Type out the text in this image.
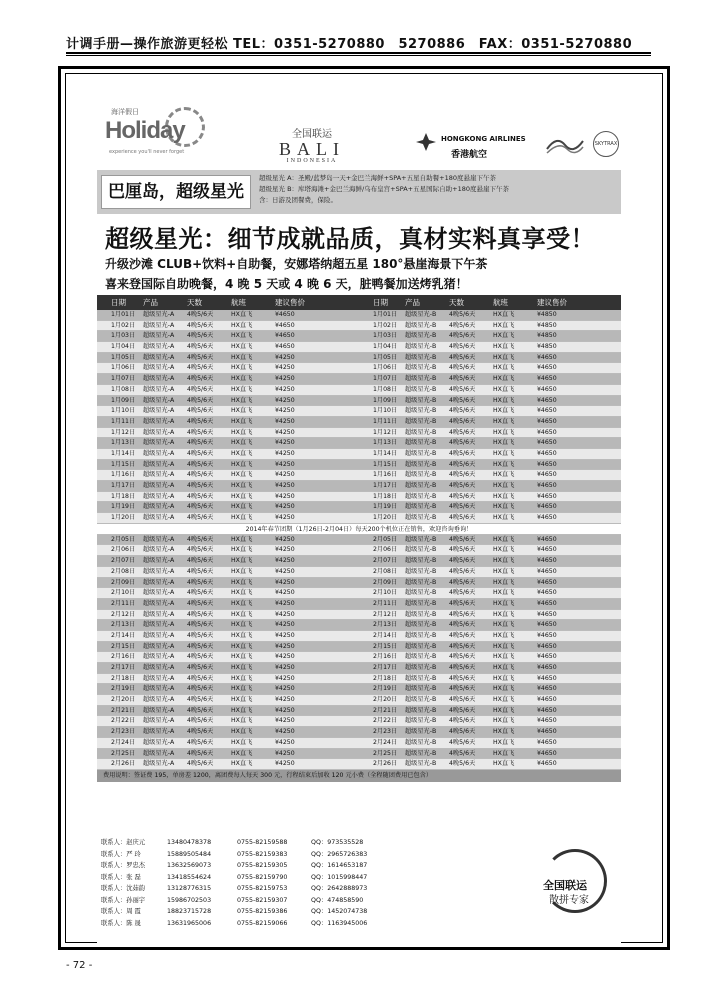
计调手册—操作旅游更轻松 TEL：0351-5270880　5270886　FAX：0351-5270880
海洋假日
Holiday
experience you'll never forget
全国联运
BALI
INDONESIA
HONGKONG AIRLINES
香港航空
SKYTRAX
巴厘岛，超级星光
超级星光 A：圣殿/蓝梦岛一天+金巴兰海鲜+SPA+五星自助餐+180度悬崖下午茶
超级星光 B：库塔海滩+金巴兰海鲜/乌布皇宫+SPA+五星国际自助+180度悬崖下午茶
含：日游及团餐费，保险。
超级星光：细节成就品质，真材实料真享受！
升级沙滩 CLUB+饮料+自助餐，安娜塔纳超五星 180°悬崖海景下午茶
喜来登国际自助晚餐，4 晚 5 天或 4 晚 6 天，脏鸭餐加送烤乳猪！
日期	产品	天数	航班	建议售价	日期	产品	天数	航班	建议售价
1月01日	超级星光-A	4晚5/6天	HX直飞	¥4650	1月01日	超级星光-B	4晚5/6天	HX直飞	¥4850
1月02日	超级星光-A	4晚5/6天	HX直飞	¥4650	1月02日	超级星光-B	4晚5/6天	HX直飞	¥4850
1月03日	超级星光-A	4晚5/6天	HX直飞	¥4650	1月03日	超级星光-B	4晚5/6天	HX直飞	¥4850
1月04日	超级星光-A	4晚5/6天	HX直飞	¥4650	1月04日	超级星光-B	4晚5/6天	HX直飞	¥4850
1月05日	超级星光-A	4晚5/6天	HX直飞	¥4250	1月05日	超级星光-B	4晚5/6天	HX直飞	¥4650
1月06日	超级星光-A	4晚5/6天	HX直飞	¥4250	1月06日	超级星光-B	4晚5/6天	HX直飞	¥4650
1月07日	超级星光-A	4晚5/6天	HX直飞	¥4250	1月07日	超级星光-B	4晚5/6天	HX直飞	¥4650
1月08日	超级星光-A	4晚5/6天	HX直飞	¥4250	1月08日	超级星光-B	4晚5/6天	HX直飞	¥4650
1月09日	超级星光-A	4晚5/6天	HX直飞	¥4250	1月09日	超级星光-B	4晚5/6天	HX直飞	¥4650
1月10日	超级星光-A	4晚5/6天	HX直飞	¥4250	1月10日	超级星光-B	4晚5/6天	HX直飞	¥4650
1月11日	超级星光-A	4晚5/6天	HX直飞	¥4250	1月11日	超级星光-B	4晚5/6天	HX直飞	¥4650
1月12日	超级星光-A	4晚5/6天	HX直飞	¥4250	1月12日	超级星光-B	4晚5/6天	HX直飞	¥4650
1月13日	超级星光-A	4晚5/6天	HX直飞	¥4250	1月13日	超级星光-B	4晚5/6天	HX直飞	¥4650
1月14日	超级星光-A	4晚5/6天	HX直飞	¥4250	1月14日	超级星光-B	4晚5/6天	HX直飞	¥4650
1月15日	超级星光-A	4晚5/6天	HX直飞	¥4250	1月15日	超级星光-B	4晚5/6天	HX直飞	¥4650
1月16日	超级星光-A	4晚5/6天	HX直飞	¥4250	1月16日	超级星光-B	4晚5/6天	HX直飞	¥4650
1月17日	超级星光-A	4晚5/6天	HX直飞	¥4250	1月17日	超级星光-B	4晚5/6天	HX直飞	¥4650
1月18日	超级星光-A	4晚5/6天	HX直飞	¥4250	1月18日	超级星光-B	4晚5/6天	HX直飞	¥4650
1月19日	超级星光-A	4晚5/6天	HX直飞	¥4250	1月19日	超级星光-B	4晚5/6天	HX直飞	¥4650
1月20日	超级星光-A	4晚5/6天	HX直飞	¥4250	1月20日	超级星光-B	4晚5/6天	HX直飞	¥4650
2014年春节团期（1月26日-2月04日）每天200个机位正在销售，欢迎咨询垂询！
2月05日	超级星光-A	4晚5/6天	HX直飞	¥4250	2月05日	超级星光-B	4晚5/6天	HX直飞	¥4650
2月06日	超级星光-A	4晚5/6天	HX直飞	¥4250	2月06日	超级星光-B	4晚5/6天	HX直飞	¥4650
2月07日	超级星光-A	4晚5/6天	HX直飞	¥4250	2月07日	超级星光-B	4晚5/6天	HX直飞	¥4650
2月08日	超级星光-A	4晚5/6天	HX直飞	¥4250	2月08日	超级星光-B	4晚5/6天	HX直飞	¥4650
2月09日	超级星光-A	4晚5/6天	HX直飞	¥4250	2月09日	超级星光-B	4晚5/6天	HX直飞	¥4650
2月10日	超级星光-A	4晚5/6天	HX直飞	¥4250	2月10日	超级星光-B	4晚5/6天	HX直飞	¥4650
2月11日	超级星光-A	4晚5/6天	HX直飞	¥4250	2月11日	超级星光-B	4晚5/6天	HX直飞	¥4650
2月12日	超级星光-A	4晚5/6天	HX直飞	¥4250	2月12日	超级星光-B	4晚5/6天	HX直飞	¥4650
2月13日	超级星光-A	4晚5/6天	HX直飞	¥4250	2月13日	超级星光-B	4晚5/6天	HX直飞	¥4650
2月14日	超级星光-A	4晚5/6天	HX直飞	¥4250	2月14日	超级星光-B	4晚5/6天	HX直飞	¥4650
2月15日	超级星光-A	4晚5/6天	HX直飞	¥4250	2月15日	超级星光-B	4晚5/6天	HX直飞	¥4650
2月16日	超级星光-A	4晚5/6天	HX直飞	¥4250	2月16日	超级星光-B	4晚5/6天	HX直飞	¥4650
2月17日	超级星光-A	4晚5/6天	HX直飞	¥4250	2月17日	超级星光-B	4晚5/6天	HX直飞	¥4650
2月18日	超级星光-A	4晚5/6天	HX直飞	¥4250	2月18日	超级星光-B	4晚5/6天	HX直飞	¥4650
2月19日	超级星光-A	4晚5/6天	HX直飞	¥4250	2月19日	超级星光-B	4晚5/6天	HX直飞	¥4650
2月20日	超级星光-A	4晚5/6天	HX直飞	¥4250	2月20日	超级星光-B	4晚5/6天	HX直飞	¥4650
2月21日	超级星光-A	4晚5/6天	HX直飞	¥4250	2月21日	超级星光-B	4晚5/6天	HX直飞	¥4650
2月22日	超级星光-A	4晚5/6天	HX直飞	¥4250	2月22日	超级星光-B	4晚5/6天	HX直飞	¥4650
2月23日	超级星光-A	4晚5/6天	HX直飞	¥4250	2月23日	超级星光-B	4晚5/6天	HX直飞	¥4650
2月24日	超级星光-A	4晚5/6天	HX直飞	¥4250	2月24日	超级星光-B	4晚5/6天	HX直飞	¥4650
2月25日	超级星光-A	4晚5/6天	HX直飞	¥4250	2月25日	超级星光-B	4晚5/6天	HX直飞	¥4650
2月26日	超级星光-A	4晚5/6天	HX直飞	¥4250	2月26日	超级星光-B	4晚5/6天	HX直飞	¥4650
费用说明：签证费 195，单房差 1200，离团费每人每天 300 元，行程结束后加收 120 元小费（全程随团费用已包含）
联系人：赵庆元	13480478378	0755-82159588	QQ：973535528
联系人：严 玲	15889505484	0755-82159383	QQ：2965726383
联系人：罗忠杰	13632569073	0755-82159305	QQ：1614653187
联系人：张 磊	13418554624	0755-82159790	QQ：1015998447
联系人：沈茹韵	13128776315	0755-82159753	QQ：2642888973
联系人：孙丽宇	15986702503	0755-82159307	QQ：474858590
联系人：周 霞	18823715728	0755-82159386	QQ：1452074738
联系人：陈 晟	13631965006	0755-82159066	QQ：1163945006
全国联运
散拼专家
- 72 -
